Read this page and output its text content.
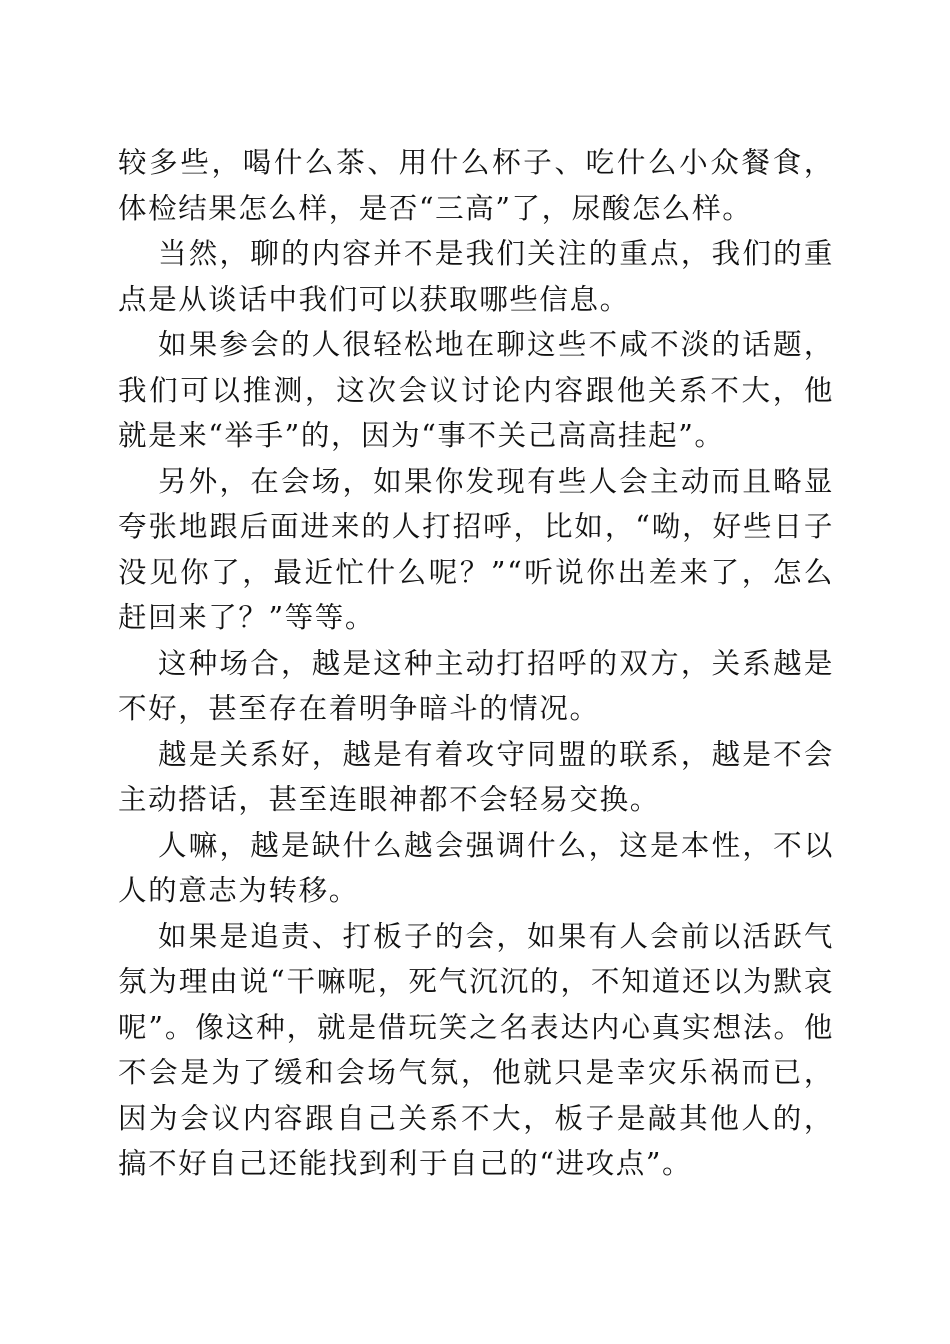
较多些，喝什么茶、用什么杯子、吃什么小众餐食，体检结果怎么样，是否“三高”了，尿酸怎么样。

当然，聊的内容并不是我们关注的重点，我们的重点是从谈话中我们可以获取哪些信息。

如果参会的人很轻松地在聊这些不咸不淡的话题，我们可以推测，这次会议讨论内容跟他关系不大，他就是来“举手”的，因为“事不关己高高挂起”。

另外，在会场，如果你发现有些人会主动而且略显夸张地跟后面进来的人打招呼，比如，“呦，好些日子没见你了，最近忙什么呢？”“听说你出差来了，怎么赶回来了？”等等。

这种场合，越是这种主动打招呼的双方，关系越是不好，甚至存在着明争暗斗的情况。

越是关系好，越是有着攻守同盟的联系，越是不会主动搭话，甚至连眼神都不会轻易交换。

人嘛，越是缺什么越会强调什么，这是本性，不以人的意志为转移。

如果是追责、打板子的会，如果有人会前以活跃气氛为理由说“干嘛呢，死气沉沉的，不知道还以为默哀呢”。像这种，就是借玩笑之名表达内心真实想法。他不会是为了缓和会场气氛，他就只是幸灾乐祸而已，因为会议内容跟自己关系不大，板子是敲其他人的，搞不好自己还能找到利于自己的“进攻点”。
